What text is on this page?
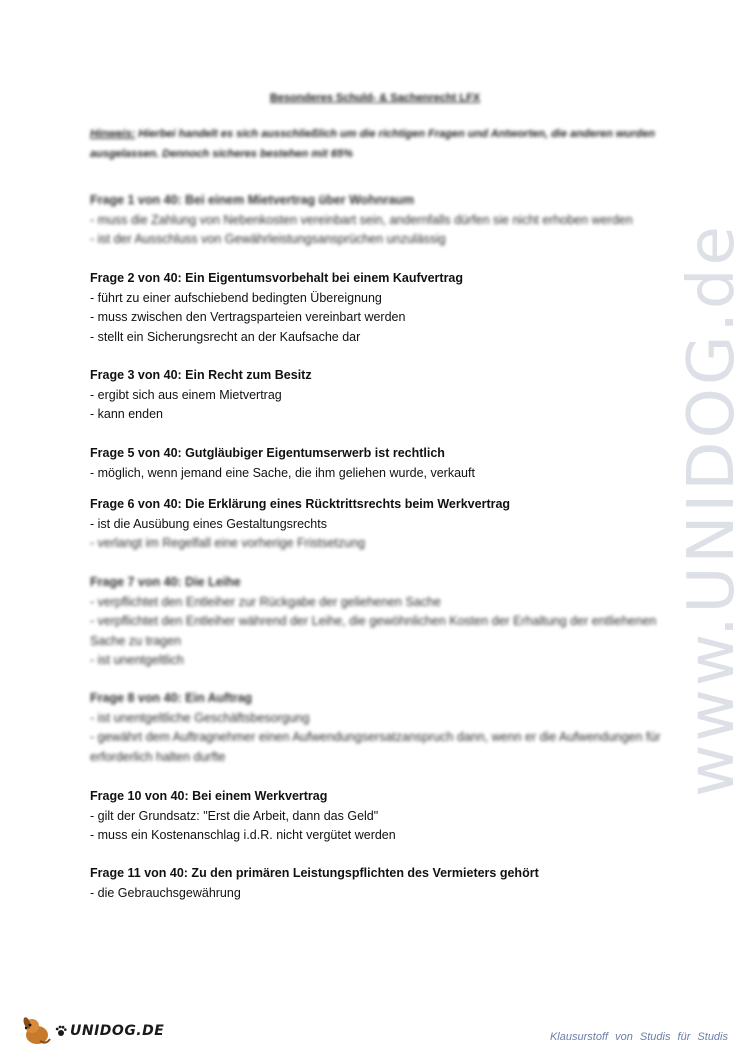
www.UNIDOG.de
Besonderes Schuld- & Sachenrecht LFX
Hinweis: Hierbei handelt es sich ausschließlich um die richtigen Fragen und Antworten, die anderen wurden ausgelassen. Dennoch sicheres bestehen mit 65%
Frage 1 von 40: Bei einem Mietvertrag über Wohnraum
- muss die Zahlung von Nebenkosten vereinbart sein, andernfalls dürfen sie nicht erhoben werden
- ist der Ausschluss von Gewährleistungsansprüchen unzulässig
Frage 2 von 40: Ein Eigentumsvorbehalt bei einem Kaufvertrag
- führt zu einer aufschiebend bedingten Übereignung
- muss zwischen den Vertragsparteien vereinbart werden
- stellt ein Sicherungsrecht an der Kaufsache dar
Frage 3 von 40: Ein Recht zum Besitz
- ergibt sich aus einem Mietvertrag
- kann enden
Frage 5 von 40: Gutgläubiger Eigentumserwerb ist rechtlich
- möglich, wenn jemand eine Sache, die ihm geliehen wurde, verkauft
Frage 6 von 40: Die Erklärung eines Rücktrittsrechts beim Werkvertrag
- ist die Ausübung eines Gestaltungsrechts
- verlangt im Regelfall eine vorherige Fristsetzung
Frage 7 von 40: Die Leihe
- verpflichtet den Entleiher zur Rückgabe der geliehenen Sache
- verpflichtet den Entleiher während der Leihe, die gewöhnlichen Kosten der Erhaltung der entliehenen Sache zu tragen
- ist unentgeltlich
Frage 8 von 40: Ein Auftrag
- ist unentgeltliche Geschäftsbesorgung
- gewährt dem Auftragnehmer einen Aufwendungsersatzanspruch dann, wenn er die Aufwendungen für erforderlich halten durfte
Frage 10 von 40: Bei einem Werkvertrag
- gilt der Grundsatz: "Erst die Arbeit, dann das Geld"
- muss ein Kostenanschlag i.d.R. nicht vergütet werden
Frage 11 von 40: Zu den primären Leistungspflichten des Vermieters gehört
- die Gebrauchsgewährung
UNIDOG.DE	Klausurstoff von Studis für Studis
